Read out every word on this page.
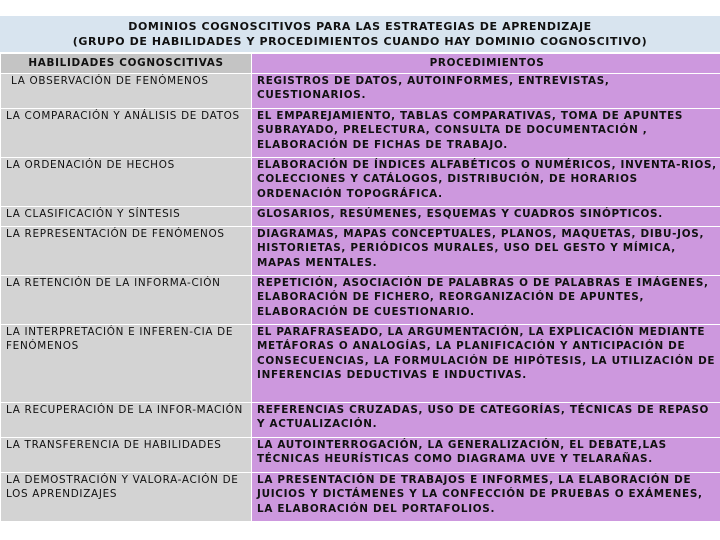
DOMINIOS COGNOSCITIVOS PARA LAS ESTRATEGIAS DE APRENDIZAJE
(GRUPO DE HABILIDADES Y PROCEDIMIENTOS CUANDO HAY DOMINIO COGNOSCITIVO)
HABILIDADES COGNOSCITIVAS	PROCEDIMIENTOS
LA OBSERVACIÓN DE FENÓMENOS	REGISTROS DE DATOS, AUTOINFORMES, ENTREVISTAS, CUESTIONARIOS.
LA COMPARACIÓN Y ANÁLISIS DE DATOS	EL EMPAREJAMIENTO, TABLAS COMPARATIVAS, TOMA DE APUNTES SUBRAYADO, PRELECTURA, CONSULTA DE DOCUMENTACIÓN , ELABORACIÓN DE FICHAS DE TRABAJO.
LA ORDENACIÓN DE HECHOS	ELABORACIÓN DE ÍNDICES ALFABÉTICOS O NUMÉRICOS, INVENTA-RIOS, COLECCIONES Y CATÁLOGOS, DISTRIBUCIÓN, DE HORARIOS ORDENACIÓN TOPOGRÁFICA.
LA CLASIFICACIÓN Y SÍNTESIS	GLOSARIOS, RESÚMENES, ESQUEMAS Y CUADROS SINÓPTICOS.
LA REPRESENTACIÓN DE FENÓMENOS	DIAGRAMAS, MAPAS CONCEPTUALES, PLANOS, MAQUETAS, DIBU-JOS, HISTORIETAS, PERIÓDICOS MURALES, USO DEL GESTO Y MÍMICA, MAPAS MENTALES.
LA RETENCIÓN DE LA INFORMA-CIÓN	REPETICIÓN, ASOCIACIÓN DE PALABRAS O DE PALABRAS E IMÁGENES, ELABORACIÓN DE FICHERO, REORGANIZACIÓN DE APUNTES, ELABORACIÓN DE CUESTIONARIO.
LA INTERPRETACIÓN E INFEREN-CIA DE FENÓMENOS	EL PARAFRASEADO, LA ARGUMENTACIÓN, LA EXPLICACIÓN MEDIANTE METÁFORAS O ANALOGÍAS, LA PLANIFICACIÓN Y ANTICIPACIÓN DE CONSECUENCIAS, LA FORMULACIÓN DE HIPÓTESIS, LA UTILIZACIÓN DE INFERENCIAS DEDUCTIVAS E INDUCTIVAS.
LA RECUPERACIÓN DE LA INFOR-MACIÓN	REFERENCIAS CRUZADAS, USO DE CATEGORÍAS, TÉCNICAS DE REPASO Y ACTUALIZACIÓN.
LA TRANSFERENCIA DE HABILIDADES	LA AUTOINTERROGACIÓN, LA GENERALIZACIÓN, EL DEBATE,LAS TÉCNICAS HEURÍSTICAS COMO DIAGRAMA UVE Y TELARAÑAS.
LA DEMOSTRACIÓN Y VALORA-ACIÓN DE LOS APRENDIZAJES	LA PRESENTACIÓN DE TRABAJOS E INFORMES, LA ELABORACIÓN DE JUICIOS Y DICTÁMENES Y LA CONFECCIÓN DE PRUEBAS O EXÁMENES, LA ELABORACIÓN DEL PORTAFOLIOS.
